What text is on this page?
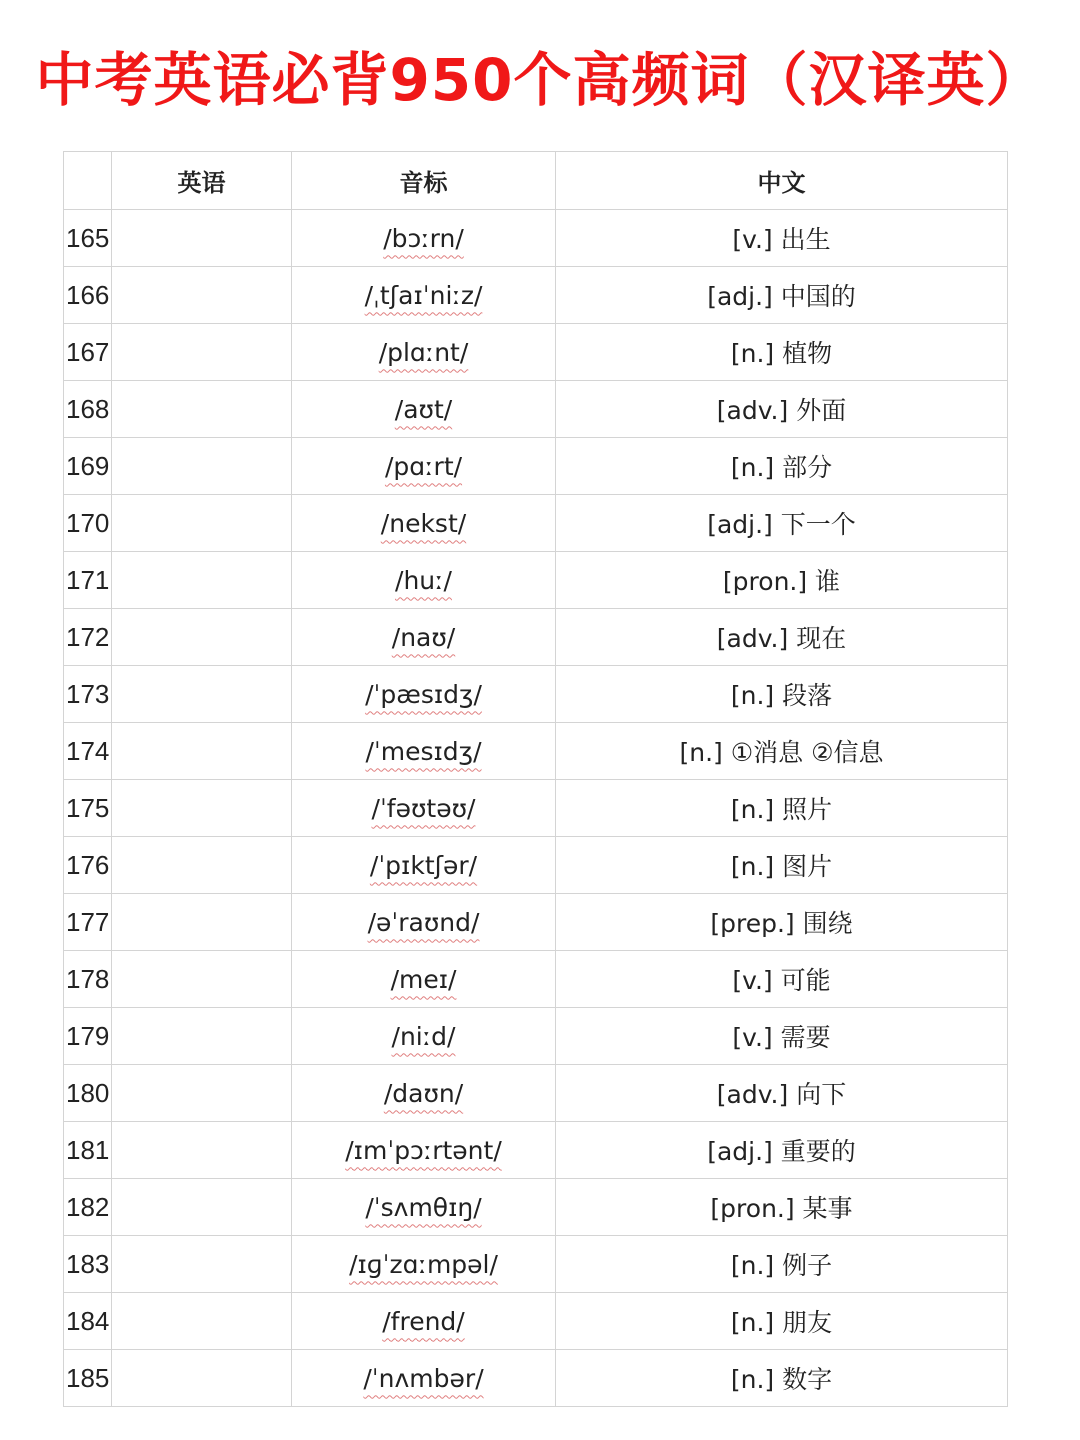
中考英语必背950个高频词（汉译英）
	英语	音标	中文
165		/bɔːrn/	[v.] 出生
166		/ˌtʃaɪˈniːz/	[adj.] 中国的
167		/plɑːnt/	[n.] 植物
168		/aʊt/	[adv.] 外面
169		/pɑːrt/	[n.] 部分
170		/nekst/	[adj.] 下一个
171		/huː/	[pron.] 谁
172		/naʊ/	[adv.] 现在
173		/ˈpæsɪdʒ/	[n.] 段落
174		/ˈmesɪdʒ/	[n.] ①消息 ②信息
175		/ˈfəʊtəʊ/	[n.] 照片
176		/ˈpɪktʃər/	[n.] 图片
177		/əˈraʊnd/	[prep.] 围绕
178		/meɪ/	[v.] 可能
179		/niːd/	[v.] 需要
180		/daʊn/	[adv.] 向下
181		/ɪmˈpɔːrtənt/	[adj.] 重要的
182		/ˈsʌmθɪŋ/	[pron.] 某事
183		/ɪɡˈzɑːmpəl/	[n.] 例子
184		/frend/	[n.] 朋友
185		/ˈnʌmbər/	[n.] 数字
